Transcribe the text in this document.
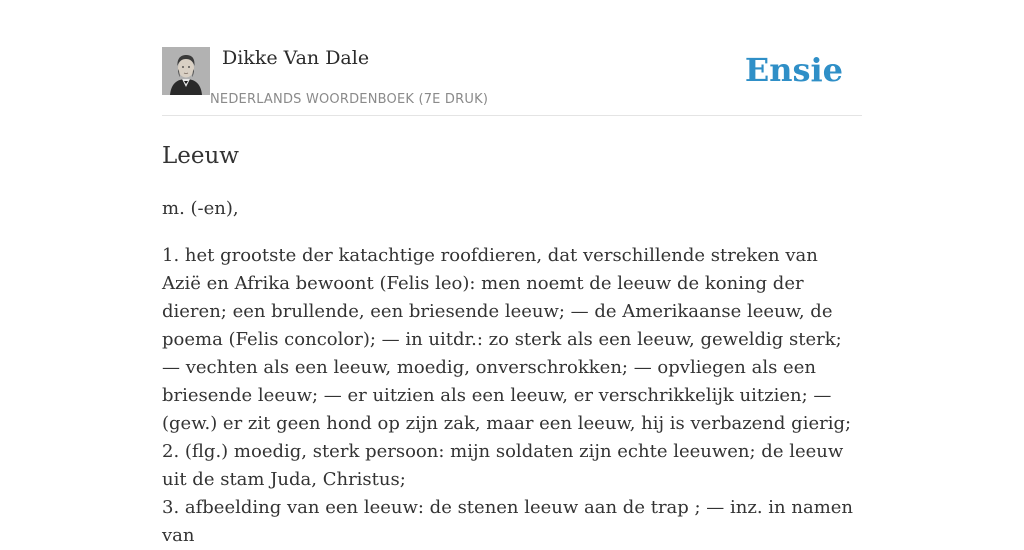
Dikke Van Dale
NEDERLANDS WOORDENBOEK (7E DRUK)
Ensie
Leeuw

m. (-en),

1. het grootste der katachtige roofdieren, dat verschillende streken van Azië en Afrika bewoont (Felis leo): men noemt de leeuw de koning der dieren; een brullende, een briesende leeuw; — de Amerikaanse leeuw, de poema (Felis concolor); — in uitdr.: zo sterk als een leeuw, geweldig sterk; — vechten als een leeuw, moedig, onverschrokken; — opvliegen als een briesende leeuw; — er uitzien als een leeuw, er verschrikkelijk uitzien; — (gew.) er zit geen hond op zijn zak, maar een leeuw, hij is verbazend gierig;

2. (flg.) moedig, sterk persoon: mijn soldaten zijn echte leeuwen; de leeuw uit de stam Juda, Christus;

3. afbeelding van een leeuw: de stenen leeuw aan de trap ; — inz. in namen van
